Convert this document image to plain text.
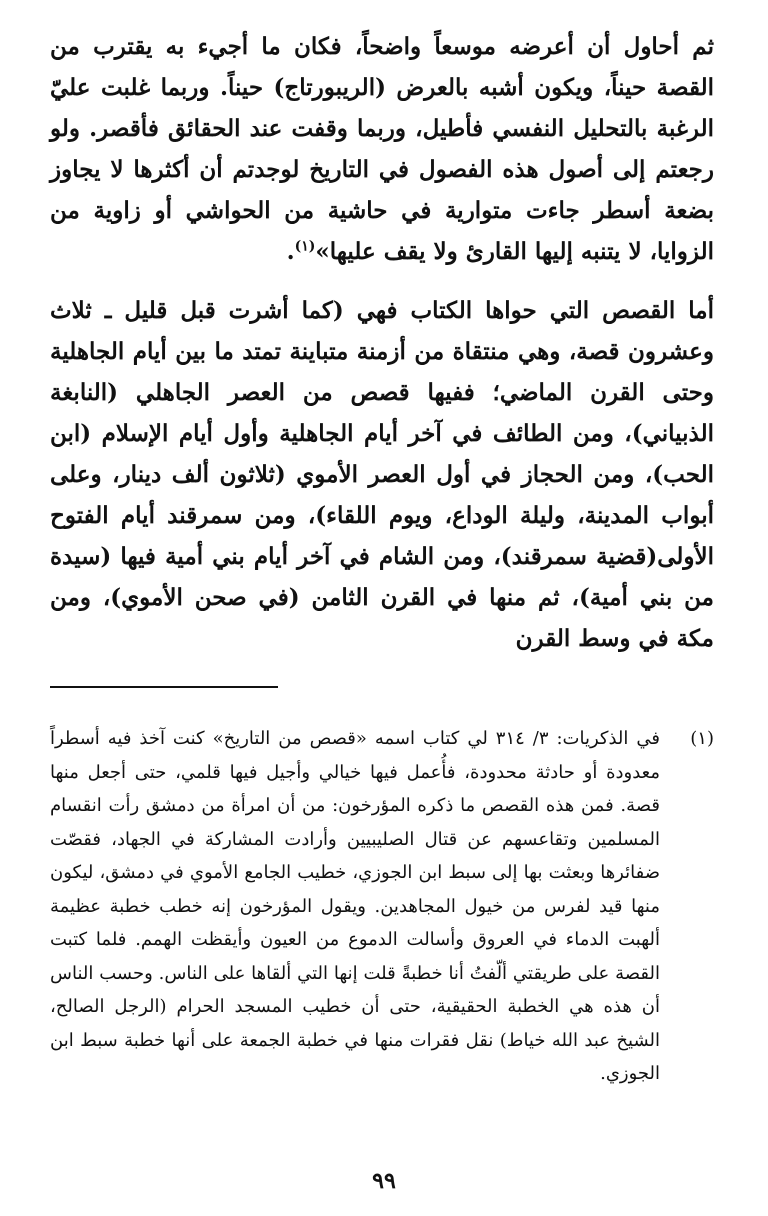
ثم أحاول أن أعرضه موسعاً واضحاً، فكان ما أجيء به يقترب من القصة حيناً، ويكون أشبه بالعرض (الريبورتاج) حيناً. وربما غلبت عليّ الرغبة بالتحليل النفسي فأطيل، وربما وقفت عند الحقائق فأقصر. ولو رجعتم إلى أصول هذه الفصول في التاريخ لوجدتم أن أكثرها لا يجاوز بضعة أسطر جاءت متوارية في حاشية من الحواشي أو زاوية من الزوايا، لا يتنبه إليها القارئ ولا يقف عليها»$^{(١)}$.

أما القصص التي حواها الكتاب فهي (كما أشرت قبل قليل ـ ثلاث وعشرون قصة، وهي منتقاة من أزمنة متباينة تمتد ما بين أيام الجاهلية وحتى القرن الماضي؛ ففيها قصص من العصر الجاهلي (النابغة الذبياني)، ومن الطائف في آخر أيام الجاهلية وأول أيام الإسلام (ابن الحب)، ومن الحجاز في أول العصر الأموي (ثلاثون ألف دينار، وعلى أبواب المدينة، وليلة الوداع، ويوم اللقاء)، ومن سمرقند أيام الفتوح الأولى(قضية سمرقند)، ومن الشام في آخر أيام بني أمية فيها (سيدة من بني أمية)، ثم منها في القرن الثامن (في صحن الأموي)، ومن مكة في وسط القرن

(١)

في الذكريات: ٣/ ٣١٤ لي كتاب اسمه «قصص من التاريخ» كنت آخذ فيه أسطراً معدودة أو حادثة محدودة، فأُعمل فيها خيالي وأجيل فيها قلمي، حتى أجعل منها قصة. فمن هذه القصص ما ذكره المؤرخون: من أن امرأة من دمشق رأت انقسام المسلمين وتقاعسهم عن قتال الصليبيين وأرادت المشاركة في الجهاد، فقصّت ضفائرها وبعثت بها إلى سبط ابن الجوزي، خطيب الجامع الأموي في دمشق، ليكون منها قيد لفرس من خيول المجاهدين. ويقول المؤرخون إنه خطب خطبة عظيمة ألهبت الدماء في العروق وأسالت الدموع من العيون وأيقظت الهمم. فلما كتبت القصة على طريقتي ألّفتُ أنا خطبةً قلت إنها التي ألقاها على الناس. وحسب الناس أن هذه هي الخطبة الحقيقية، حتى أن خطيب المسجد الحرام (الرجل الصالح، الشيخ عبد الله خياط) نقل فقرات منها في خطبة الجمعة على أنها خطبة سبط ابن الجوزي.

٩٩
